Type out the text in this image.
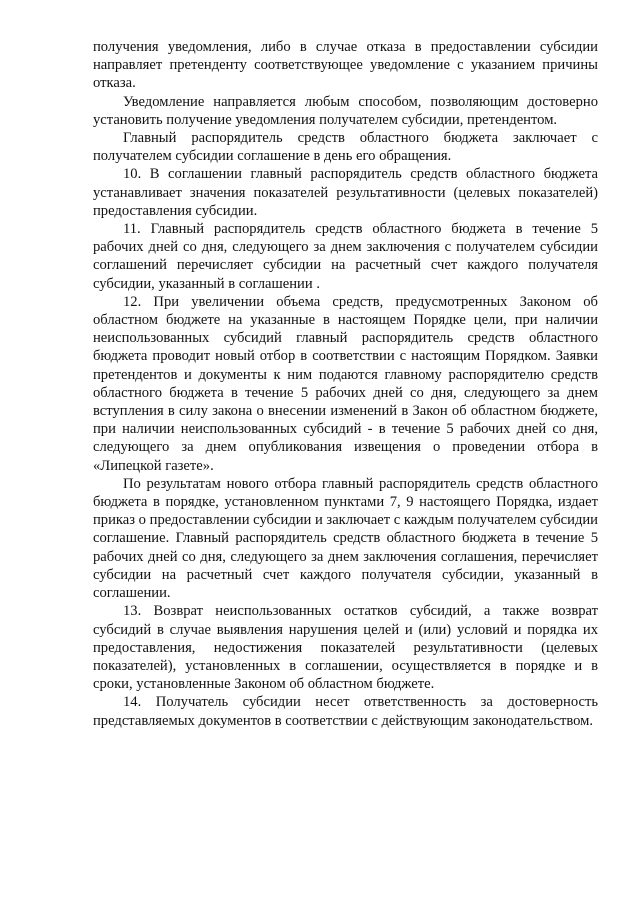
получения уведомления, либо в случае отказа в предоставлении субсидии направляет претенденту соответствующее уведомление с указанием причины отказа.

Уведомление направляется любым способом, позволяющим достоверно установить получение уведомления получателем субсидии, претендентом.

Главный распорядитель средств областного бюджета заключает с получателем субсидии соглашение в день его обращения.

10. В соглашении главный распорядитель средств областного бюджета устанавливает значения показателей результативности (целевых показателей) предоставления субсидии.

11. Главный распорядитель средств областного бюджета в течение 5 рабочих дней со дня, следующего за днем заключения с получателем субсидии соглашений перечисляет субсидии на расчетный счет каждого получателя субсидии, указанный в соглашении .

12. При увеличении объема средств, предусмотренных Законом об областном бюджете на указанные в настоящем Порядке цели, при наличии неиспользованных субсидий главный распорядитель средств областного бюджета проводит новый отбор в соответствии с настоящим Порядком. Заявки претендентов и документы к ним подаются главному распорядителю средств областного бюджета в течение 5 рабочих дней со дня, следующего за днем вступления в силу закона о внесении изменений в Закон об областном бюджете, при наличии неиспользованных субсидий - в течение 5 рабочих дней со дня, следующего за днем опубликования извещения о проведении отбора в «Липецкой газете».

По результатам нового отбора главный распорядитель средств областного бюджета в порядке, установленном пунктами 7, 9 настоящего Порядка, издает приказ о предоставлении субсидии и заключает с каждым получателем субсидии соглашение. Главный распорядитель средств областного бюджета в течение 5 рабочих дней со дня, следующего за днем заключения соглашения, перечисляет субсидии на расчетный счет каждого получателя субсидии, указанный в соглашении.

13. Возврат неиспользованных остатков субсидий, а также возврат субсидий в случае выявления нарушения целей и (или) условий и порядка их предоставления, недостижения показателей результативности (целевых показателей), установленных в соглашении, осуществляется в порядке и в сроки, установленные Законом об областном бюджете.

14. Получатель субсидии несет ответственность за достоверность представляемых документов в соответствии с действующим законодательством.
